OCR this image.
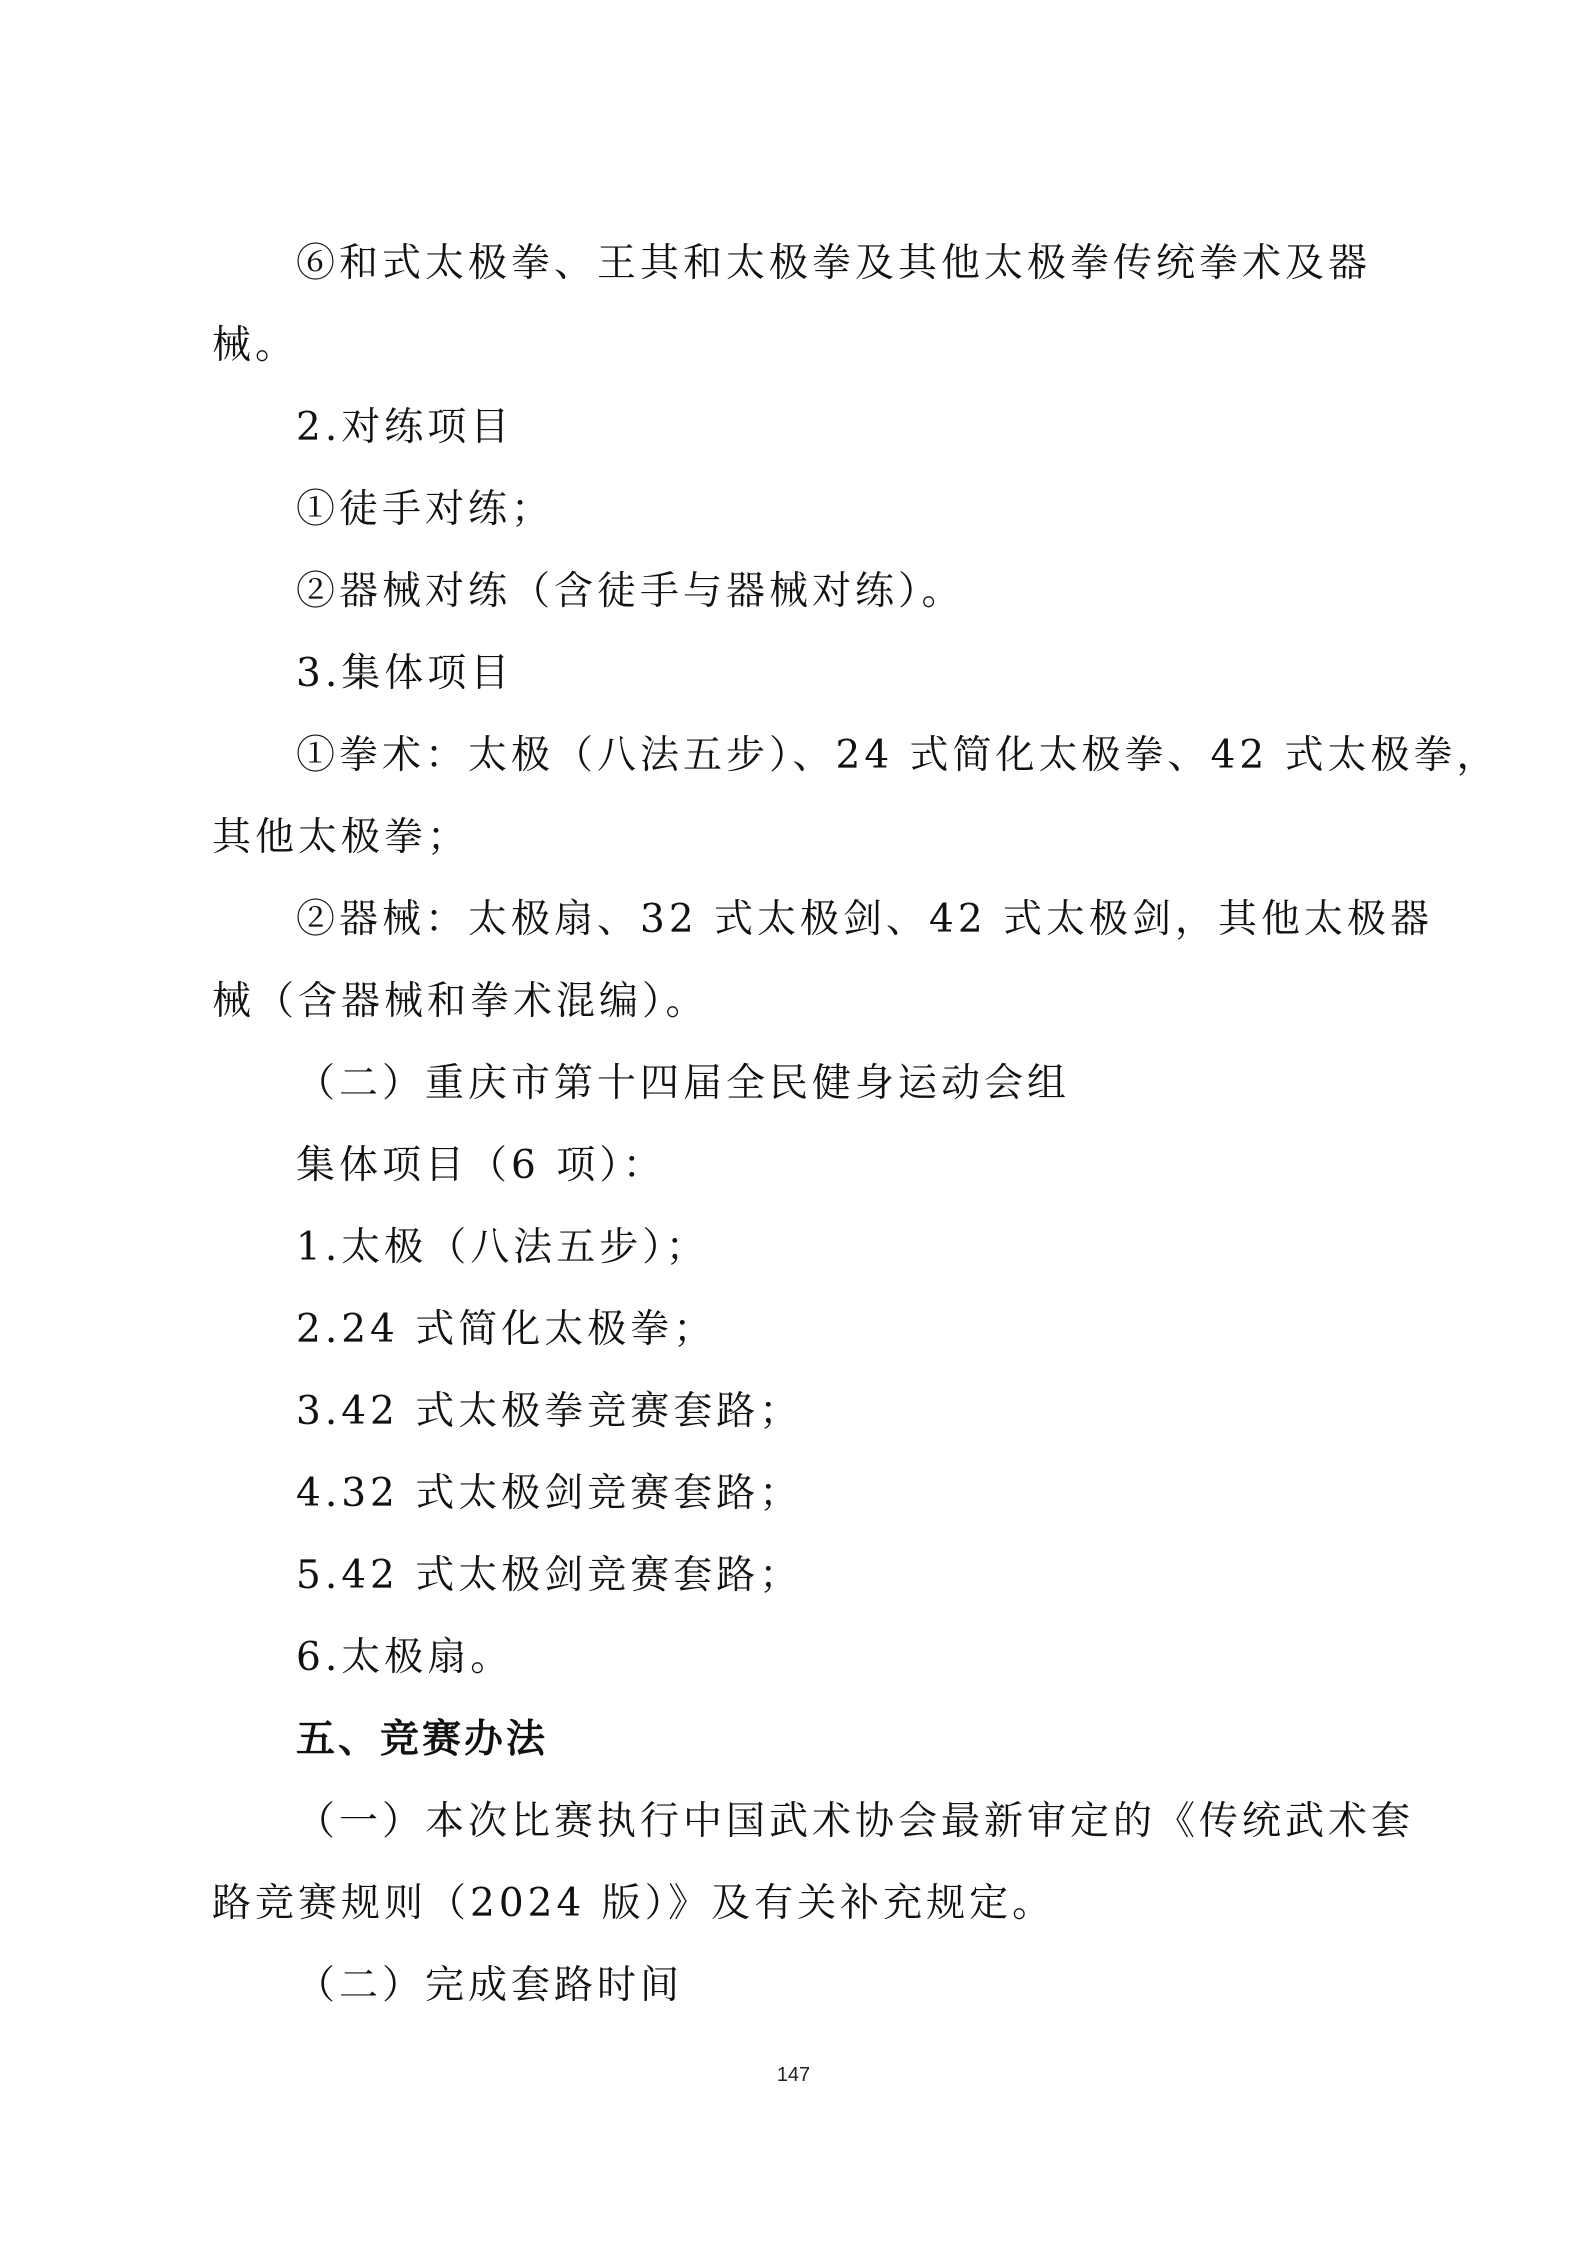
⑥和式太极拳、王其和太极拳及其他太极拳传统拳术及器
械。
2.对练项目
①徒手对练；
②器械对练（含徒手与器械对练）。
3.集体项目
①拳术：太极（八法五步）、24 式简化太极拳、42 式太极拳，
其他太极拳；
②器械：太极扇、32 式太极剑、42 式太极剑，其他太极器
械（含器械和拳术混编）。
（二）重庆市第十四届全民健身运动会组
集体项目（6 项）：
1.太极（八法五步）；
2.24 式简化太极拳；
3.42 式太极拳竞赛套路；
4.32 式太极剑竞赛套路；
5.42 式太极剑竞赛套路；
6.太极扇。
五、竞赛办法
（一）本次比赛执行中国武术协会最新审定的《传统武术套
路竞赛规则（2024 版）》及有关补充规定。
（二）完成套路时间
147
